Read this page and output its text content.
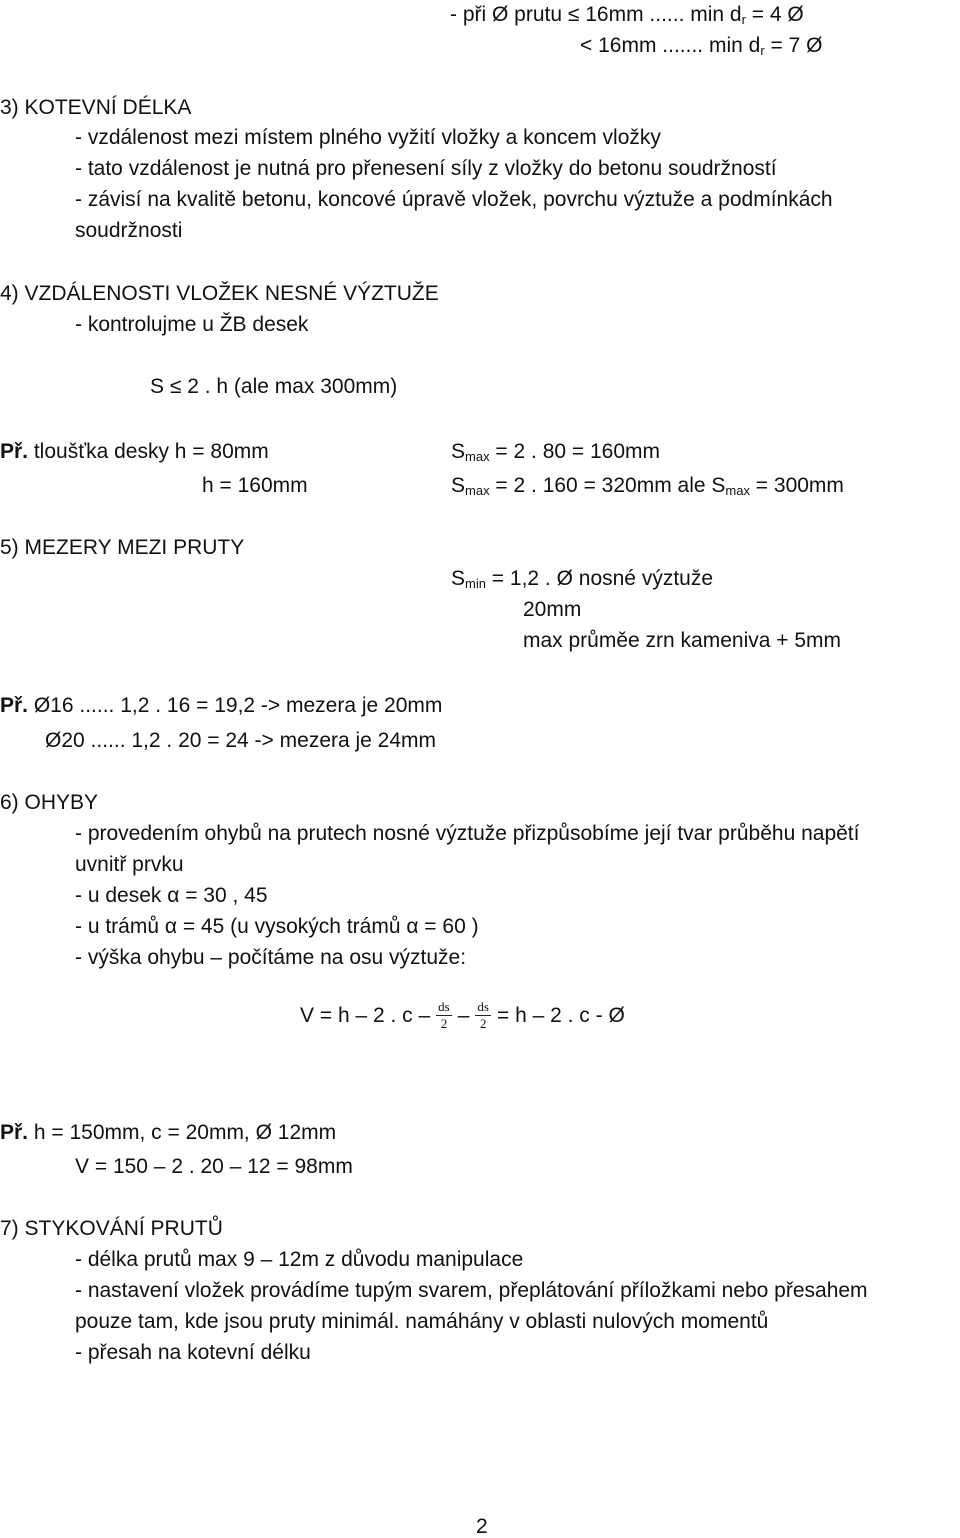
- při Ø prutu ≤ 16mm ...... $\min d_r = 4$ Ø
< 16mm ....... $\min d_r = 7$ Ø
3) KOTEVNÍ DÉLKA
- vzdálenost mezi místem plného vyžití vložky a koncem vložky
- tato vzdálenost je nutná pro přenesení síly z vložky do betonu soudržností
- závisí na kvalitě betonu, koncové úpravě vložek, povrchu výztuže a podmínkách
soudržnosti
4) VZDÁLENOSTI VLOŽEK NESNÉ VÝZTUŽE
- kontrolujme u ŽB desek
S ≤ 2 . h (ale max 300mm)
Př. tloušťka desky h = 80mm	$S_{max} = 2$ . 80 = 160mm
h = 160mm	$S_{max} = 2$ . 160 = 320mm ale $S_{max} = 300mm$
5) MEZERY MEZI PRUTY
$S_{min} = 1,2$ . Ø nosné výztuže
20mm
max průměe zrn kameniva + 5mm
Př. Ø16 ...... 1,2 . 16 = 19,2 -> mezera je 20mm
Ø20 ...... 1,2 . 20 = 24 -> mezera je 24mm
6) OHYBY
- provedením ohybů na prutech nosné výztuže přizpůsobíme její tvar průběhu napětí
uvnitř prvku
- u desek α = 30 , 45
- u trámů α = 45 (u vysokých trámů α = 60 )
- výška ohybu – počítáme na osu výztuže:
V = h – 2 . $c - \frac{ds}{2} - \frac{ds}{2} = h - 2$ . c - Ø
Př. h = 150mm, c = 20mm, Ø 12mm
V = 150 – 2 . 20 – 12 = 98mm
7) STYKOVÁNÍ PRUTŮ
- délka prutů max 9 – 12m z důvodu manipulace
- nastavení vložek provádíme tupým svarem, přeplátování příložkami nebo přesahem
pouze tam, kde jsou pruty minimál. namáhány v oblasti nulových momentů
- přesah na kotevní délku
2
